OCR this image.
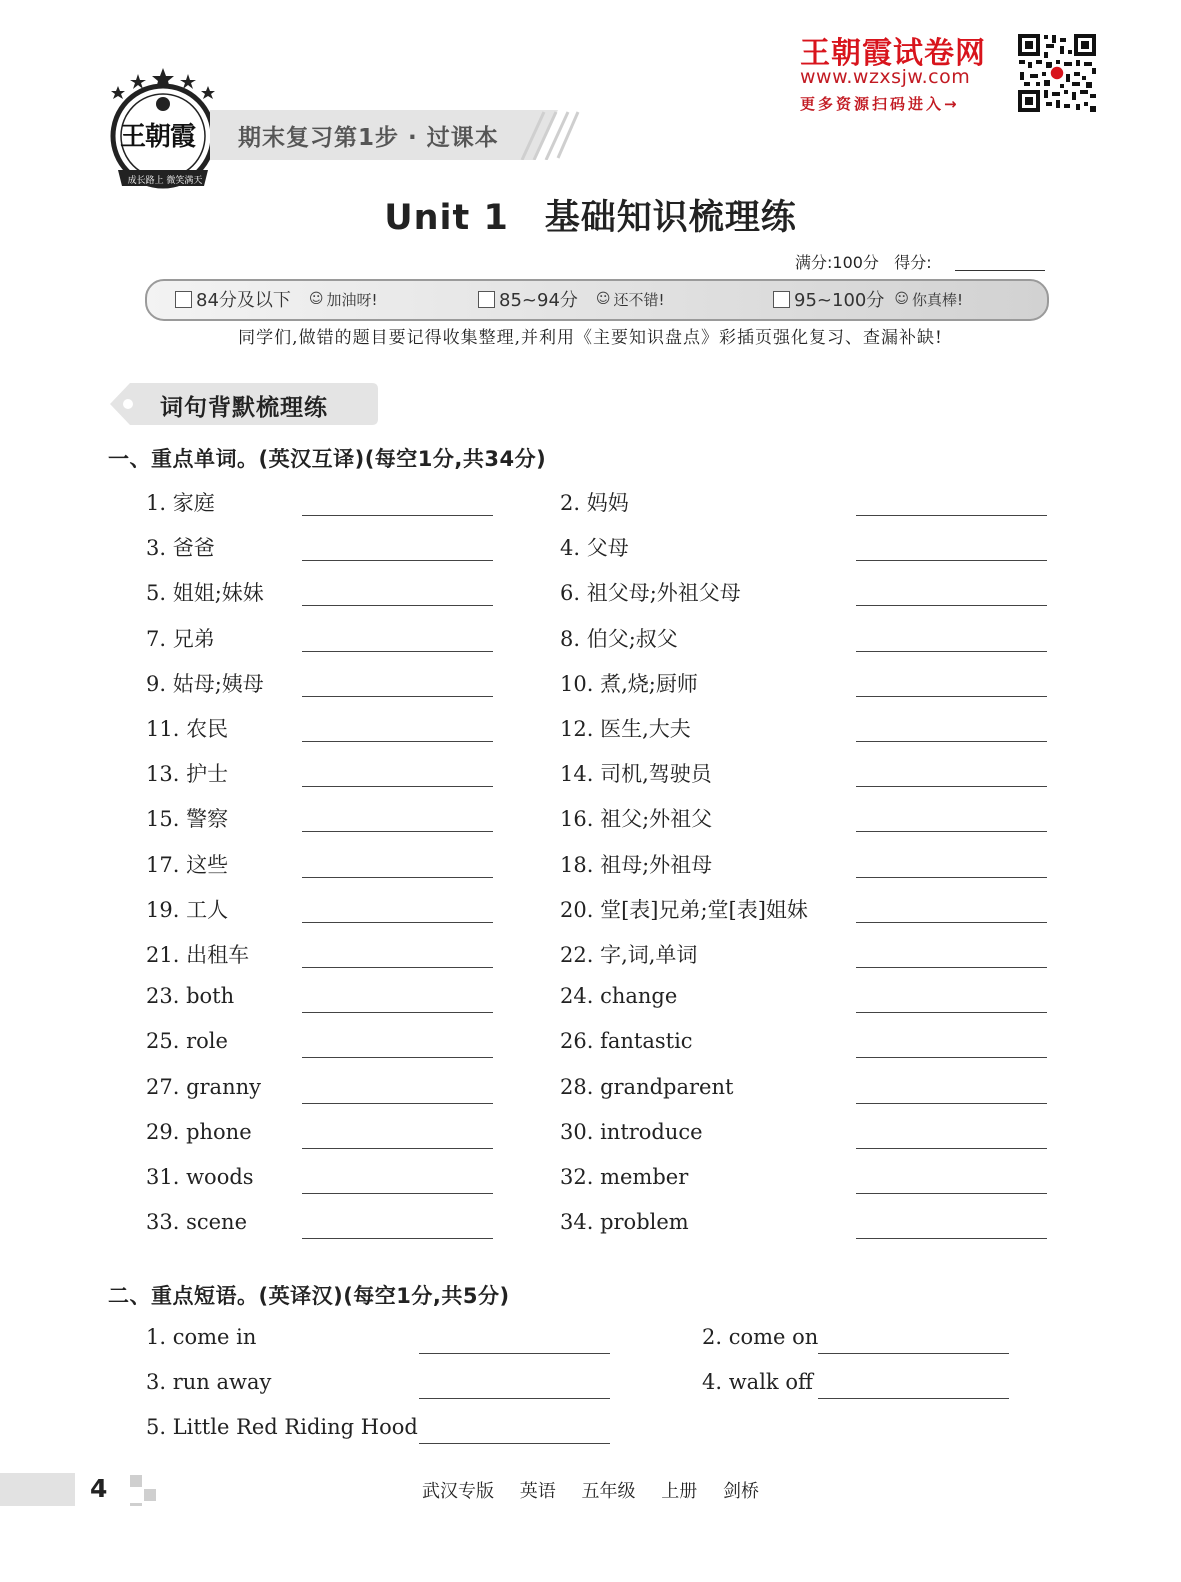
王朝霞试卷网
www.wzxsjw.com
更多资源扫码进入→
王朝霞
成长路上 微笑满天
期末复习第1步 · 过课本
Unit 1　基础知识梳理练
满分:100分 得分:
84分及以下 ☺ 加油呀!	85~94分 ☺ 还不错!	95~100分 ☺ 你真棒!
同学们,做错的题目要记得收集整理,并利用《主要知识盘点》彩插页强化复习、查漏补缺!
词句背默梳理练
一、重点单词。(英汉互译)(每空1分,共34分)
1. 家庭	2. 妈妈
3. 爸爸	4. 父母
5. 姐姐;妹妹	6. 祖父母;外祖父母
7. 兄弟	8. 伯父;叔父
9. 姑母;姨母	10. 煮,烧;厨师
11. 农民	12. 医生,大夫
13. 护士	14. 司机,驾驶员
15. 警察	16. 祖父;外祖父
17. 这些	18. 祖母;外祖母
19. 工人	20. 堂[表]兄弟;堂[表]姐妹
21. 出租车	22. 字,词,单词
23. both	24. change
25. role	26. fantastic
27. granny	28. grandparent
29. phone	30. introduce
31. woods	32. member
33. scene	34. problem
二、重点短语。(英译汉)(每空1分,共5分)
1. come in	2. come on
3. run away	4. walk off
5. Little Red Riding Hood
4	武汉专版 英语 五年级 上册 剑桥
